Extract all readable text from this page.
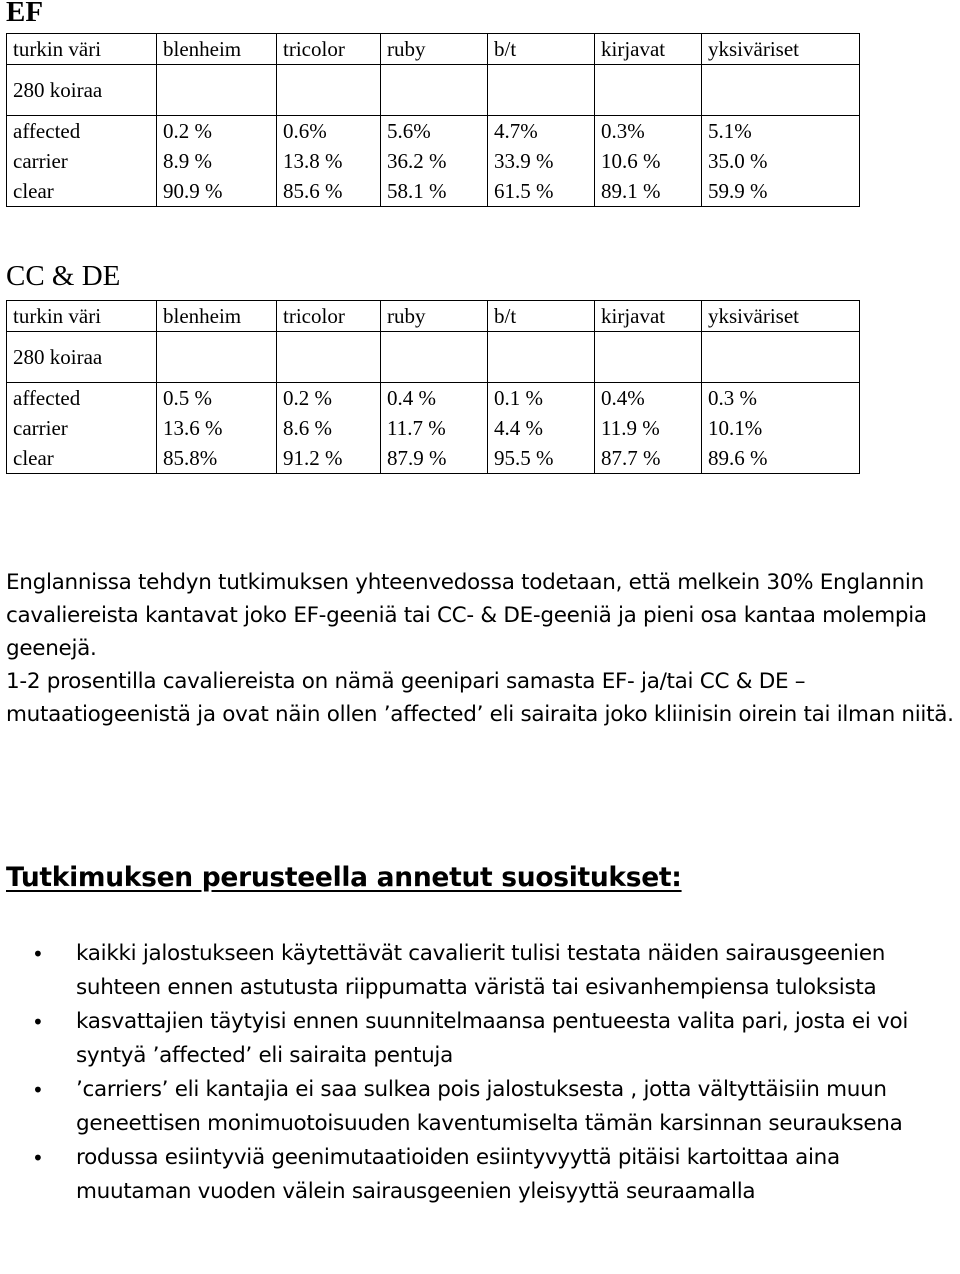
EF
turkin väri	blenheim	tricolor	ruby	b/t	kirjavat	yksiväriset
280 koiraa						
affected	0.2 %	0.6%	5.6%	4.7%	0.3%	5.1%
carrier	8.9 %	13.8 %	36.2 %	33.9 %	10.6 %	35.0 %
clear	90.9 %	85.6 %	58.1 %	61.5 %	89.1 %	59.9 %
CC & DE
turkin väri	blenheim	tricolor	ruby	b/t	kirjavat	yksiväriset
280 koiraa						
affected	0.5 %	0.2 %	0.4 %	0.1 %	0.4%	0.3 %
carrier	13.6 %	8.6 %	11.7 %	4.4 %	11.9 %	10.1%
clear	85.8%	91.2 %	87.9 %	95.5 %	87.7 %	89.6 %

Englannissa tehdyn tutkimuksen yhteenvedossa todetaan, että melkein 30% Englannin cavaliereista kantavat joko EF-geeniä tai CC- & DE-geeniä ja pieni osa kantaa molempia geenejä.

1-2 prosentilla cavaliereista on nämä geenipari samasta EF- ja/tai CC & DE – mutaatiogeenistä ja ovat näin ollen ’affected’ eli sairaita joko kliinisin oirein tai ilman niitä.

Tutkimuksen perusteella annetut suositukset:
• kaikki jalostukseen käytettävät cavalierit tulisi testata näiden sairausgeenien suhteen ennen astutusta riippumatta väristä tai esivanhempiensa tuloksista
• kasvattajien täytyisi ennen suunnitelmaansa pentueesta valita pari, josta ei voi syntyä ’affected’ eli sairaita pentuja
• ’carriers’ eli kantajia ei saa sulkea pois jalostuksesta , jotta vältyttäisiin muun geneettisen monimuotoisuuden kaventumiselta tämän karsinnan seurauksena
• rodussa esiintyviä geenimutaatioiden esiintyvyyttä pitäisi kartoittaa aina muutaman vuoden välein sairausgeenien yleisyyttä seuraamalla
